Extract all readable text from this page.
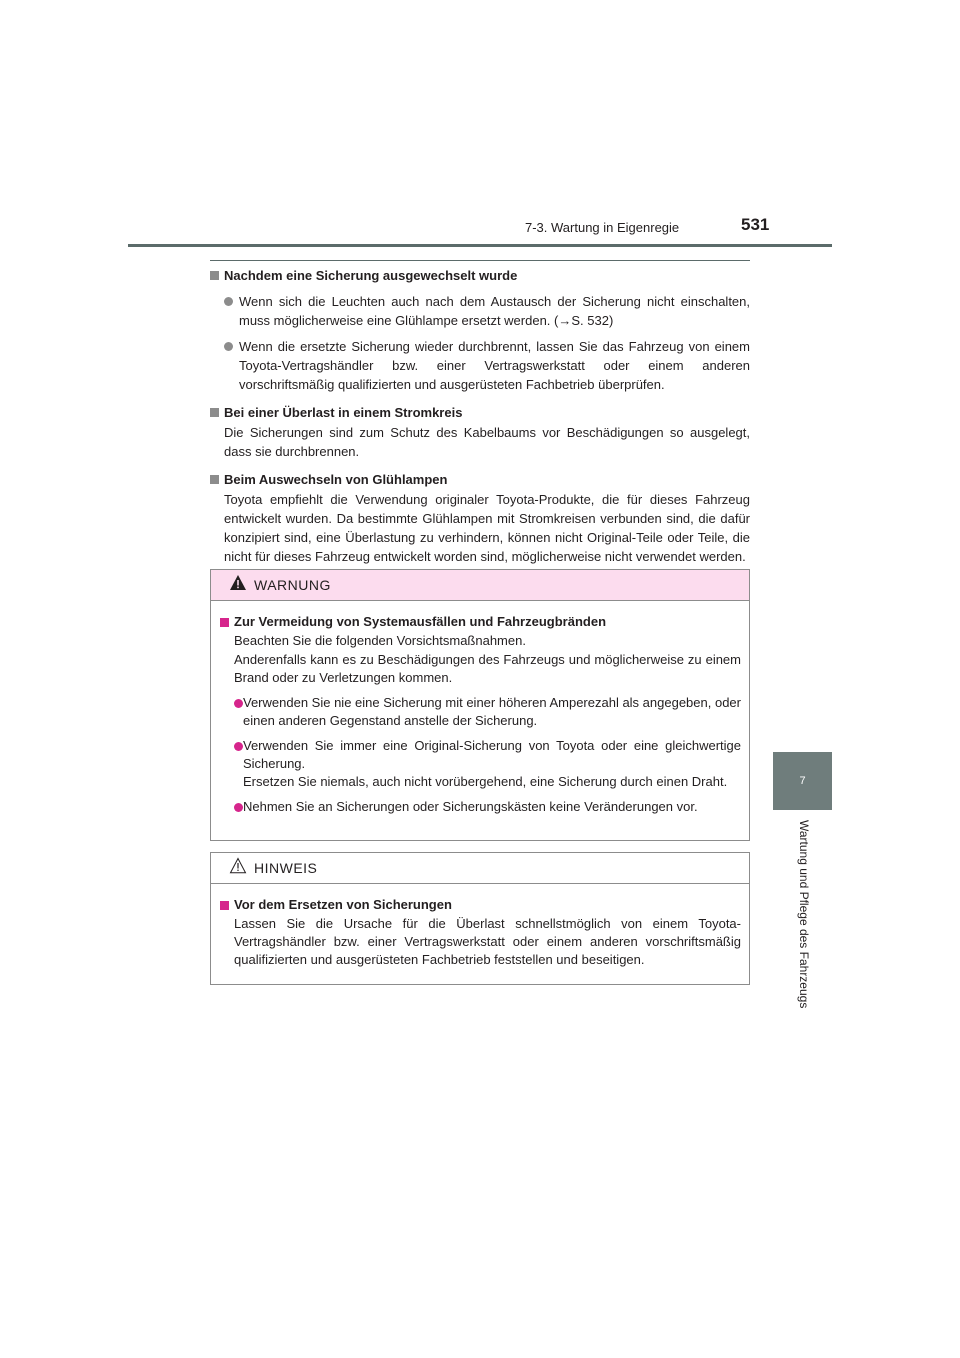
7-3. Wartung in Eigenregie	531
7
Wartung und Pflege des Fahrzeugs

Nachdem eine Sicherung ausgewechselt wurde

Wenn sich die Leuchten auch nach dem Austausch der Sicherung nicht einschalten, muss möglicherweise eine Glühlampe ersetzt werden. (→S. 532)
Wenn die ersetzte Sicherung wieder durchbrennt, lassen Sie das Fahrzeug von einem Toyota-Vertragshändler bzw. einer Vertragswerkstatt oder einem anderen vorschriftsmäßig qualifizierten und ausgerüsteten Fachbetrieb überprüfen.

Bei einer Überlast in einem Stromkreis

Die Sicherungen sind zum Schutz des Kabelbaums vor Beschädigungen so ausgelegt, dass sie durchbrennen.

Beim Auswechseln von Glühlampen

Toyota empfiehlt die Verwendung originaler Toyota-Produkte, die für dieses Fahrzeug entwickelt wurden. Da bestimmte Glühlampen mit Stromkreisen verbunden sind, die dafür konzipiert sind, eine Überlastung zu verhindern, können nicht Original-Teile oder Teile, die nicht für dieses Fahrzeug entwickelt worden sind, möglicherweise nicht verwendet werden.
WARNUNG

Zur Vermeidung von Systemausfällen und Fahrzeugbränden

Beachten Sie die folgenden Vorsichtsmaßnahmen.
Anderenfalls kann es zu Beschädigungen des Fahrzeugs und möglicherweise zu einem Brand oder zu Verletzungen kommen.
Verwenden Sie nie eine Sicherung mit einer höheren Amperezahl als angegeben, oder einen anderen Gegenstand anstelle der Sicherung.
Verwenden Sie immer eine Original-Sicherung von Toyota oder eine gleichwertige Sicherung.
Ersetzen Sie niemals, auch nicht vorübergehend, eine Sicherung durch einen Draht.
Nehmen Sie an Sicherungen oder Sicherungskästen keine Veränderungen vor.
HINWEIS

Vor dem Ersetzen von Sicherungen

Lassen Sie die Ursache für die Überlast schnellstmöglich von einem Toyota-Vertragshändler bzw. einer Vertragswerkstatt oder einem anderen vorschriftsmäßig qualifizierten und ausgerüsteten Fachbetrieb feststellen und beseitigen.
